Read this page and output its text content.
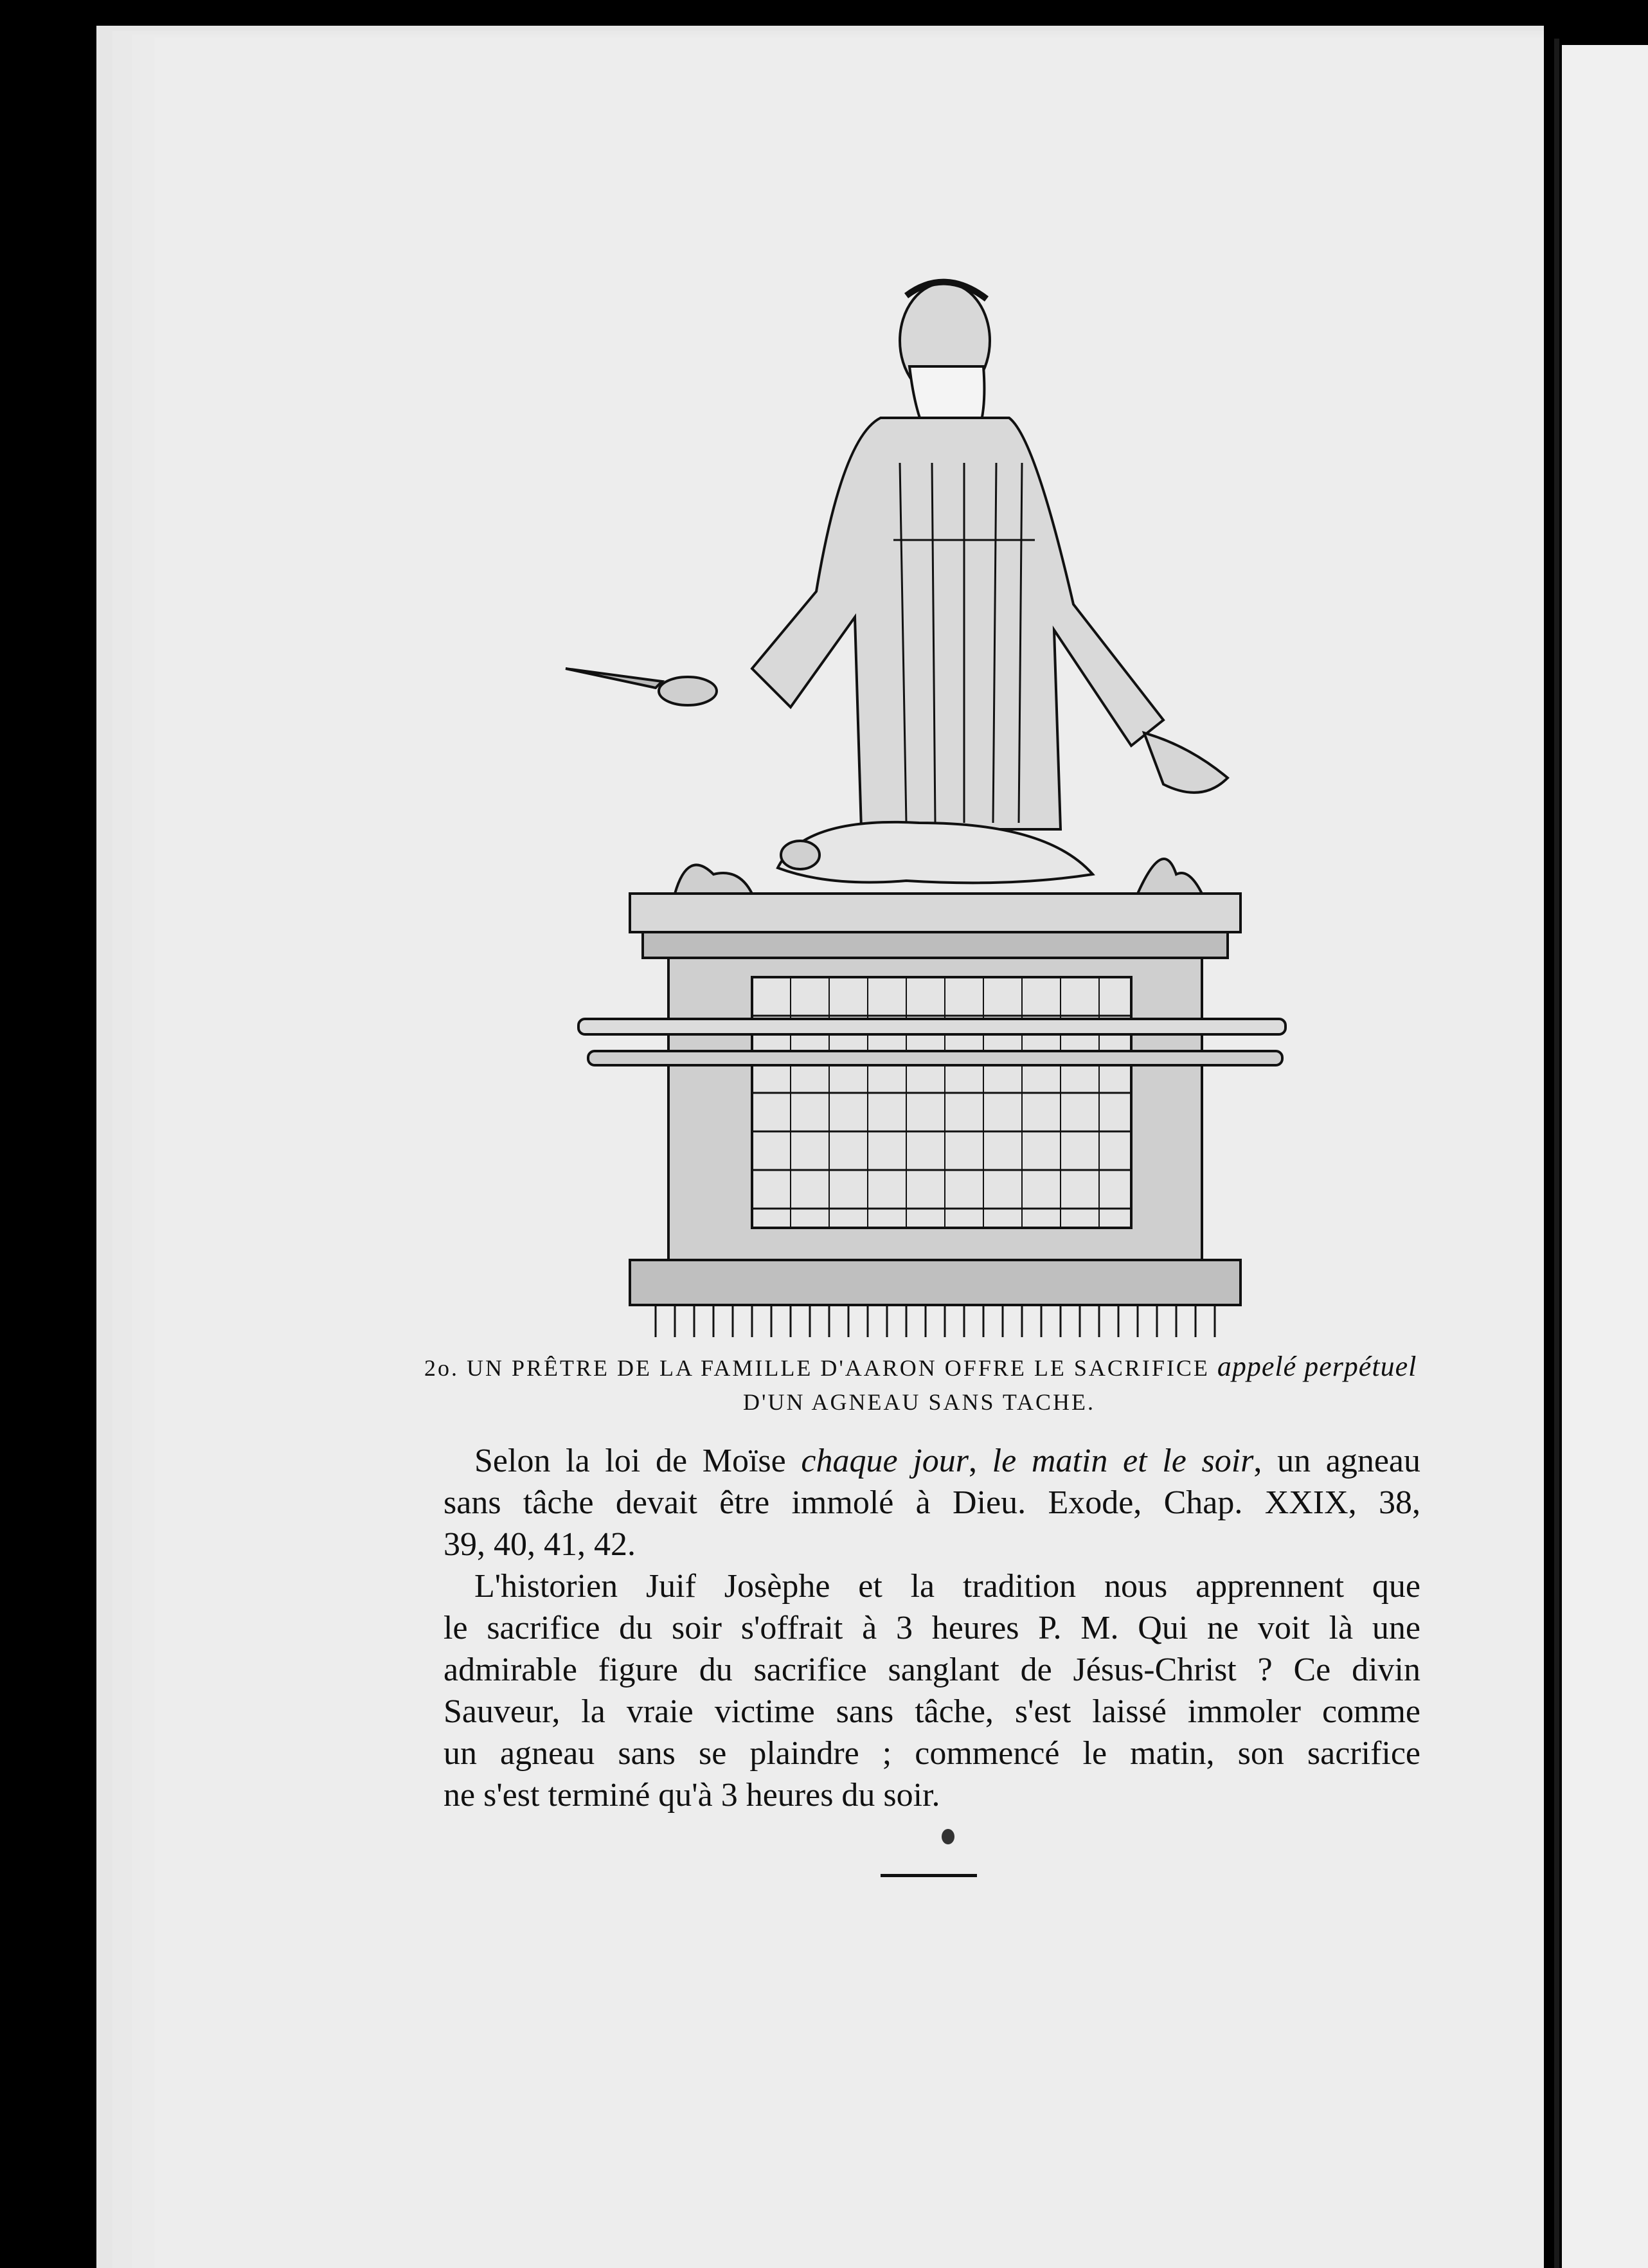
2o. UN PRÊTRE DE LA FAMILLE D'AARON OFFRE LE SACRIFICE appelé perpétuel
D'UN AGNEAU SANS TACHE.
Selon la loi de Moïse chaque jour, le matin et le soir, un agneau
sans tâche devait être immolé à Dieu. Exode, Chap. XXIX, 38,
39, 40, 41, 42.
L'historien Juif Josèphe et la tradition nous apprennent que
le sacrifice du soir s'offrait à 3 heures P. M. Qui ne voit là une
admirable figure du sacrifice sanglant de Jésus-Christ ? Ce divin
Sauveur, la vraie victime sans tâche, s'est laissé immoler comme
un agneau sans se plaindre ; commencé le matin, son sacrifice
ne s'est terminé qu'à 3 heures du soir.
